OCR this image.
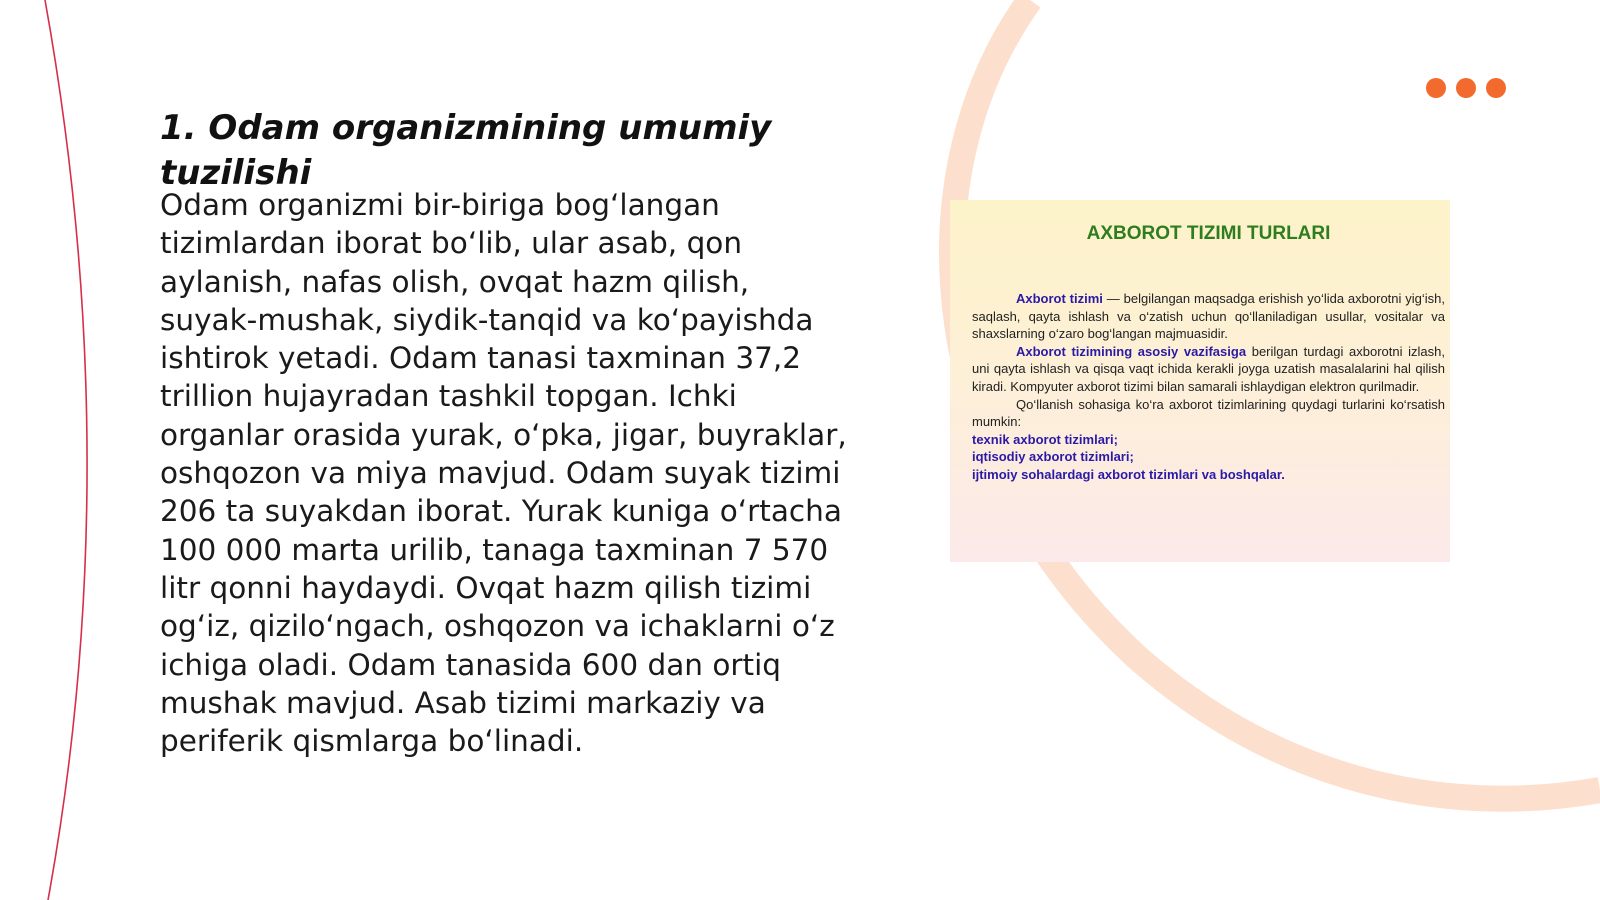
1. Odam organizmining umumiy tuzilishi

Odam organizmi bir-biriga bog‘langan tizimlardan iborat bo‘lib, ular asab, qon aylanish, nafas olish, ovqat hazm qilish, suyak-mushak, siydik-tanqid va ko‘payishda ishtirok yetadi. Odam tanasi taxminan 37,2 trillion hujayradan tashkil topgan. Ichki organlar orasida yurak, o‘pka, jigar, buyraklar, oshqozon va miya mavjud. Odam suyak tizimi 206 ta suyakdan iborat. Yurak kuniga o‘rtacha 100 000 marta urilib, tanaga taxminan 7 570 litr qonni haydaydi. Ovqat hazm qilish tizimi og‘iz, qizilo‘ngach, oshqozon va ichaklarni o‘z ichiga oladi. Odam tanasida 600 dan ortiq mushak mavjud. Asab tizimi markaziy va periferik qismlarga bo‘linadi.

AXBOROT TIZIMI TURLARI

Axborot tizimi — belgilangan maqsadga erishish yo‘lida axborotni yig‘ish, saqlash, qayta ishlash va o‘zatish uchun qo‘llaniladigan usullar, vositalar va shaxslarning o‘zaro bog‘langan majmuasidir.

Axborot tizimining asosiy vazifasiga berilgan turdagi axborotni izlash, uni qayta ishlash va qisqa vaqt ichida kerakli joyga uzatish masalalarini hal qilish kiradi. Kompyuter axborot tizimi bilan samarali ishlaydigan elektron qurilmadir.

Qo‘llanish sohasiga ko‘ra axborot tizimlarining quydagi turlarini ko‘rsatish mumkin:

texnik axborot tizimlari;
iqtisodiy axborot tizimlari;
ijtimoiy sohalardagi axborot tizimlari va boshqalar.
